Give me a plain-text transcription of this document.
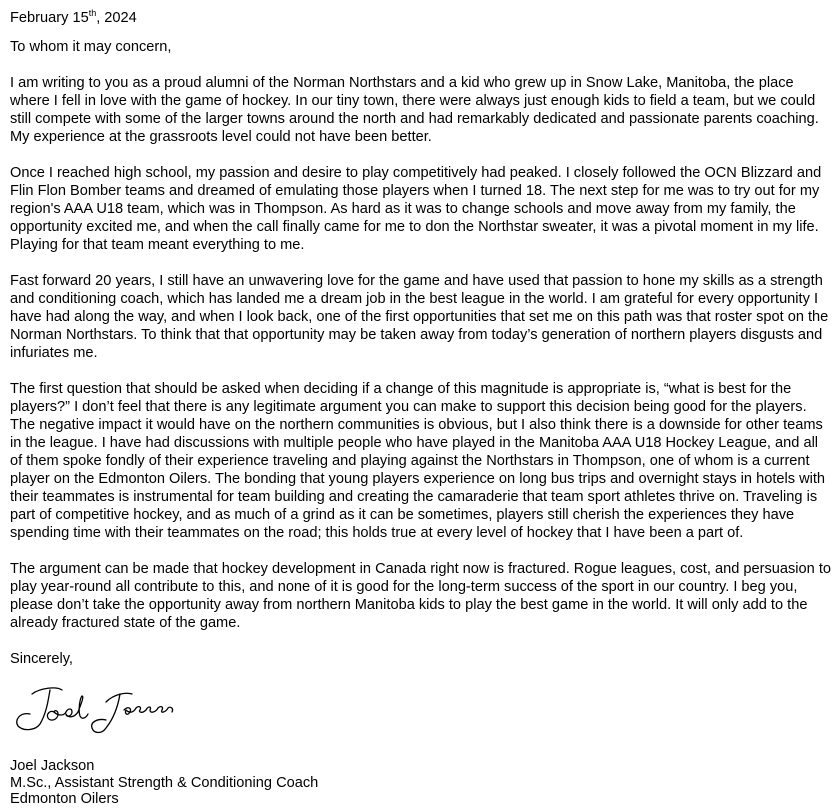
February 15th, 2024
To whom it may concern,
I am writing to you as a proud alumni of the Norman Northstars and a kid who grew up in Snow Lake, Manitoba, the place where I fell in love with the game of hockey. In our tiny town, there were always just enough kids to field a team, but we could still compete with some of the larger towns around the north and had remarkably dedicated and passionate parents coaching. My experience at the grassroots level could not have been better.
Once I reached high school, my passion and desire to play competitively had peaked. I closely followed the OCN Blizzard and Flin Flon Bomber teams and dreamed of emulating those players when I turned 18. The next step for me was to try out for my region's AAA U18 team, which was in Thompson. As hard as it was to change schools and move away from my family, the opportunity excited me, and when the call finally came for me to don the Northstar sweater, it was a pivotal moment in my life. Playing for that team meant everything to me.
Fast forward 20 years, I still have an unwavering love for the game and have used that passion to hone my skills as a strength and conditioning coach, which has landed me a dream job in the best league in the world. I am grateful for every opportunity I have had along the way, and when I look back, one of the first opportunities that set me on this path was that roster spot on the Norman Northstars. To think that that opportunity may be taken away from today’s generation of northern players disgusts and infuriates me.
The first question that should be asked when deciding if a change of this magnitude is appropriate is, “what is best for the players?” I don’t feel that there is any legitimate argument you can make to support this decision being good for the players. The negative impact it would have on the northern communities is obvious, but I also think there is a downside for other teams in the league. I have had discussions with multiple people who have played in the Manitoba AAA U18 Hockey League, and all of them spoke fondly of their experience traveling and playing against the Northstars in Thompson, one of whom is a current player on the Edmonton Oilers. The bonding that young players experience on long bus trips and overnight stays in hotels with their teammates is instrumental for team building and creating the camaraderie that team sport athletes thrive on. Traveling is part of competitive hockey, and as much of a grind as it can be sometimes, players still cherish the experiences they have spending time with their teammates on the road; this holds true at every level of hockey that I have been a part of.
The argument can be made that hockey development in Canada right now is fractured. Rogue leagues, cost, and persuasion to play year-round all contribute to this, and none of it is good for the long-term success of the sport in our country. I beg you, please don’t take the opportunity away from northern Manitoba kids to play the best game in the world. It will only add to the already fractured state of the game.
Sincerely,
Joel Jackson
M.Sc., Assistant Strength & Conditioning Coach
Edmonton Oilers
